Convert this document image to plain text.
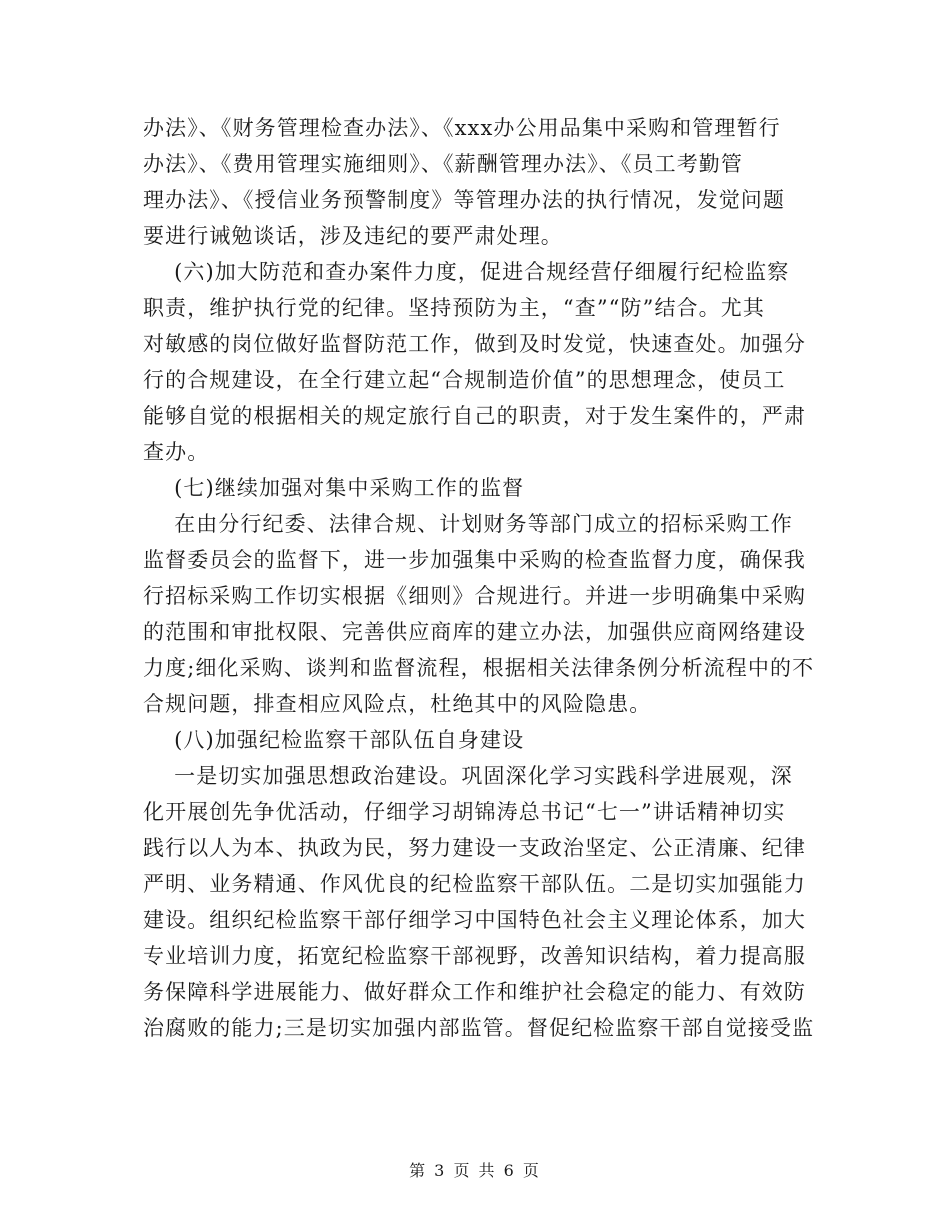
办法》、《财务管理检查办法》、《xxx办公用品集中采购和管理暂行
办法》、《费用管理实施细则》、《薪酬管理办法》、《员工考勤管
理办法》、《授信业务预警制度》等管理办法的执行情况，发觉问题
要进行诫勉谈话，涉及违纪的要严肃处理。
(六)加大防范和查办案件力度，促进合规经营仔细履行纪检监察
职责，维护执行党的纪律。坚持预防为主，“查”“防”结合。尤其
对敏感的岗位做好监督防范工作，做到及时发觉，快速查处。加强分
行的合规建设，在全行建立起“合规制造价值”的思想理念，使员工
能够自觉的根据相关的规定旅行自己的职责，对于发生案件的，严肃
查办。
(七)继续加强对集中采购工作的监督
在由分行纪委、法律合规、计划财务等部门成立的招标采购工作
监督委员会的监督下，进一步加强集中采购的检查监督力度，确保我
行招标采购工作切实根据《细则》合规进行。并进一步明确集中采购
的范围和审批权限、完善供应商库的建立办法，加强供应商网络建设
力度;细化采购、谈判和监督流程，根据相关法律条例分析流程中的不
合规问题，排查相应风险点，杜绝其中的风险隐患。
(八)加强纪检监察干部队伍自身建设
一是切实加强思想政治建设。巩固深化学习实践科学进展观，深
化开展创先争优活动，仔细学习胡锦涛总书记“七一”讲话精神切实
践行以人为本、执政为民，努力建设一支政治坚定、公正清廉、纪律
严明、业务精通、作风优良的纪检监察干部队伍。二是切实加强能力
建设。组织纪检监察干部仔细学习中国特色社会主义理论体系，加大
专业培训力度，拓宽纪检监察干部视野，改善知识结构，着力提高服
务保障科学进展能力、做好群众工作和维护社会稳定的能力、有效防
治腐败的能力;三是切实加强内部监管。督促纪检监察干部自觉接受监
第 3 页 共 6 页
